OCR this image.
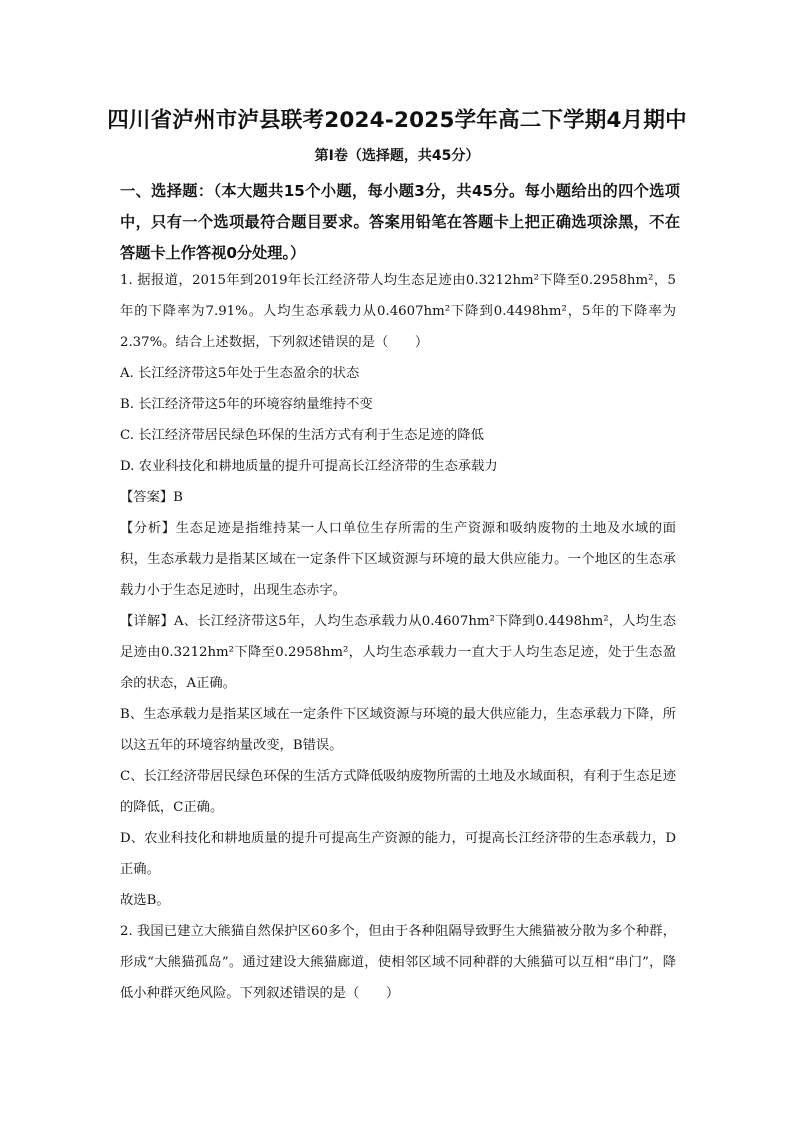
四川省泸州市泸县联考2024-2025学年高二下学期4月期中
第I卷（选择题，共45分）
一、选择题：（本大题共15个小题，每小题3分，共45分。每小题给出的四个选项中，只有一个选项最符合题目要求。答案用铅笔在答题卡上把正确选项涂黑，不在答题卡上作答视0分处理。）

1. 据报道，2015年到2019年长江经济带人均生态足迹由0.3212hm²下降至0.2958hm²，5年的下降率为7.91%。人均生态承载力从0.4607hm²下降到0.4498hm²，5年的下降率为2.37%。结合上述数据，下列叙述错误的是（　　）

A. 长江经济带这5年处于生态盈余的状态

B. 长江经济带这5年的环境容纳量维持不变

C. 长江经济带居民绿色环保的生活方式有利于生态足迹的降低

D. 农业科技化和耕地质量的提升可提高长江经济带的生态承载力

【答案】B

【分析】生态足迹是指维持某一人口单位生存所需的生产资源和吸纳废物的土地及水域的面积，生态承载力是指某区域在一定条件下区域资源与环境的最大供应能力。一个地区的生态承载力小于生态足迹时，出现生态赤字。

【详解】A、长江经济带这5年，人均生态承载力从0.4607hm²下降到0.4498hm²，人均生态足迹由0.3212hm²下降至0.2958hm²，人均生态承载力一直大于人均生态足迹，处于生态盈余的状态，A正确。

B、生态承载力是指某区域在一定条件下区域资源与环境的最大供应能力，生态承载力下降，所以这五年的环境容纳量改变，B错误。

C、长江经济带居民绿色环保的生活方式降低吸纳废物所需的土地及水域面积，有利于生态足迹的降低，C正确。

D、农业科技化和耕地质量的提升可提高生产资源的能力，可提高长江经济带的生态承载力，D正确。

故选B。

2. 我国已建立大熊猫自然保护区60多个，但由于各种阻隔导致野生大熊猫被分散为多个种群，形成“大熊猫孤岛”。通过建设大熊猫廊道，使相邻区域不同种群的大熊猫可以互相“串门”，降低小种群灭绝风险。下列叙述错误的是（　　）
